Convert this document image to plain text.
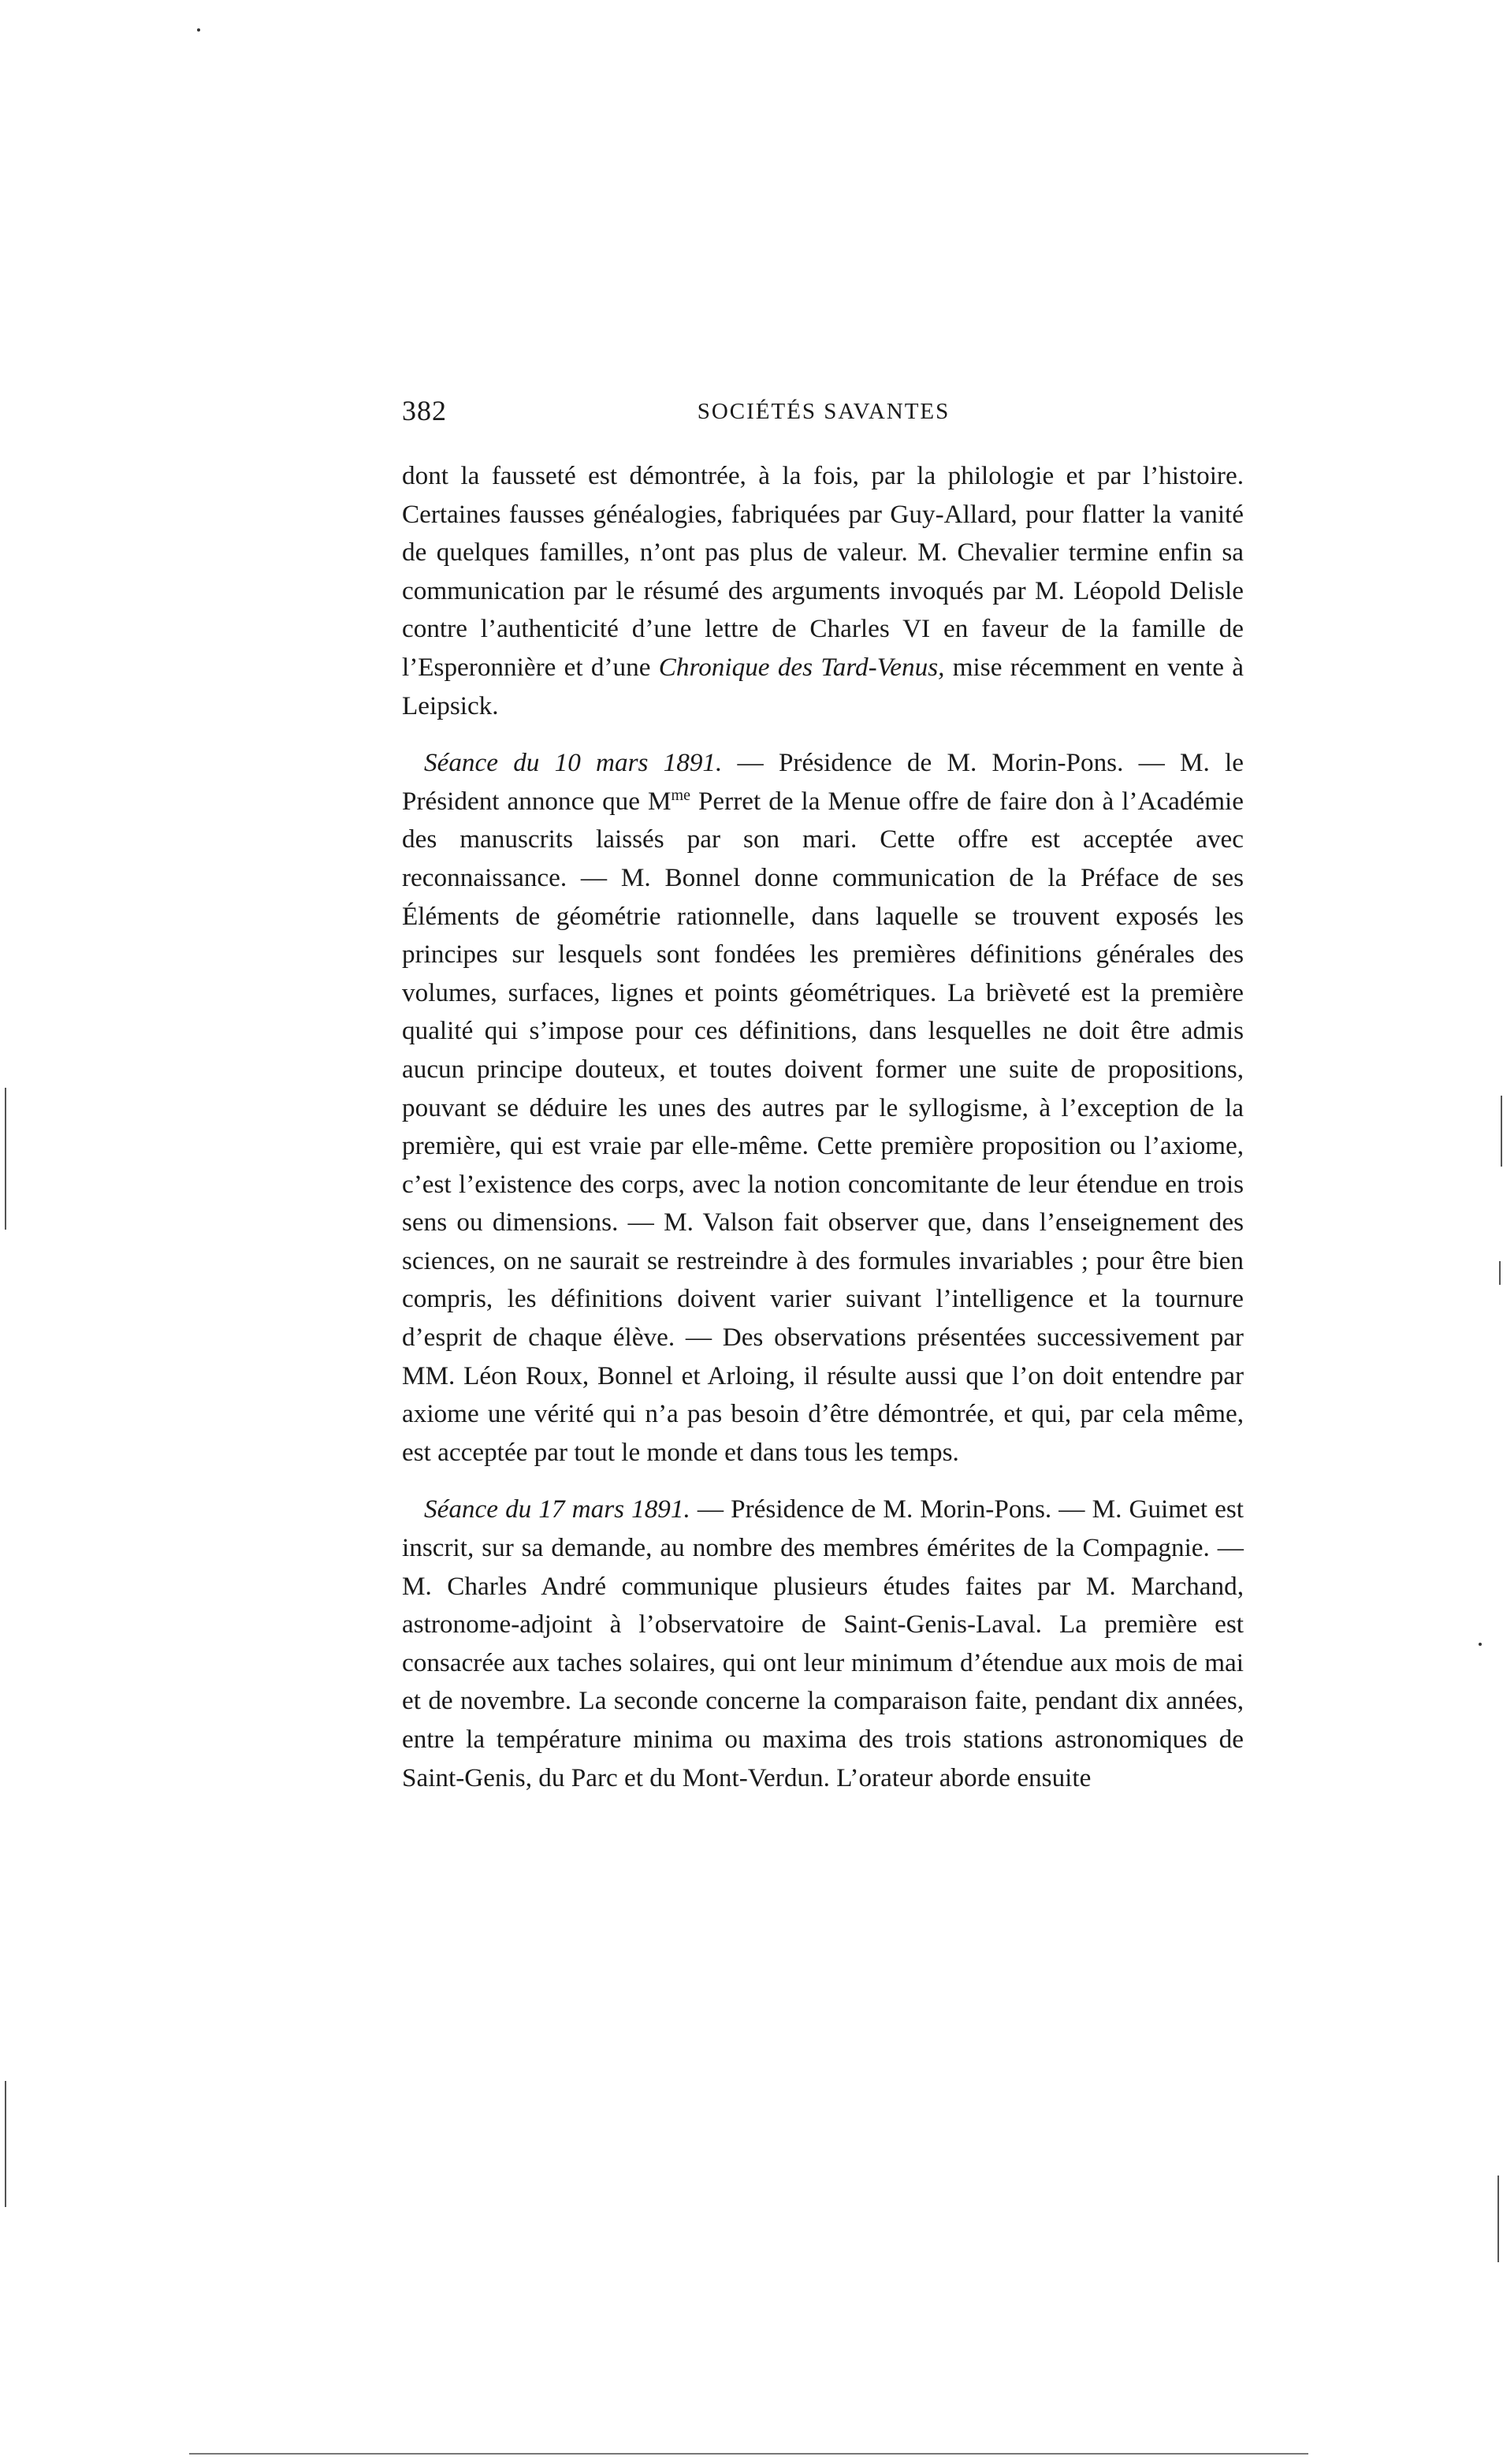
382	SOCIÉTÉS SAVANTES

dont la fausseté est démontrée, à la fois, par la philologie et par l’histoire. Certaines fausses généalogies, fabriquées par Guy-Allard, pour flatter la vanité de quelques familles, n’ont pas plus de valeur. M. Chevalier termine enfin sa communication par le résumé des arguments invoqués par M. Léopold Delisle contre l’authenticité d’une lettre de Charles VI en faveur de la famille de l’Esperonnière et d’une Chronique des Tard-Venus, mise récemment en vente à Leipsick.

Séance du 10 mars 1891. — Présidence de M. Morin-Pons. — M. le Président annonce que $M^{me}$ Perret de la Menue offre de faire don à l’Académie des manuscrits laissés par son mari. Cette offre est acceptée avec reconnaissance. — M. Bonnel donne communication de la Préface de ses Éléments de géométrie rationnelle, dans laquelle se trouvent exposés les principes sur lesquels sont fondées les premières définitions générales des volumes, surfaces, lignes et points géométriques. La brièveté est la première qualité qui s’impose pour ces définitions, dans lesquelles ne doit être admis aucun principe douteux, et toutes doivent former une suite de propositions, pouvant se déduire les unes des autres par le syllogisme, à l’exception de la première, qui est vraie par elle-même. Cette première proposition ou l’axiome, c’est l’existence des corps, avec la notion concomitante de leur étendue en trois sens ou dimensions. — M. Valson fait observer que, dans l’enseignement des sciences, on ne saurait se restreindre à des formules invariables ; pour être bien compris, les définitions doivent varier suivant l’intelligence et la tournure d’esprit de chaque élève. — Des observations présentées successivement par MM. Léon Roux, Bonnel et Arloing, il résulte aussi que l’on doit entendre par axiome une vérité qui n’a pas besoin d’être démontrée, et qui, par cela même, est acceptée par tout le monde et dans tous les temps.

Séance du 17 mars 1891. — Présidence de M. Morin-Pons. — M. Guimet est inscrit, sur sa demande, au nombre des membres émérites de la Compagnie. — M. Charles André communique plusieurs études faites par M. Marchand, astronome-adjoint à l’observatoire de Saint-Genis-Laval. La première est consacrée aux taches solaires, qui ont leur minimum d’étendue aux mois de mai et de novembre. La seconde concerne la comparaison faite, pendant dix années, entre la température minima ou maxima des trois stations astronomiques de Saint-Genis, du Parc et du Mont-Verdun. L’orateur aborde ensuite
